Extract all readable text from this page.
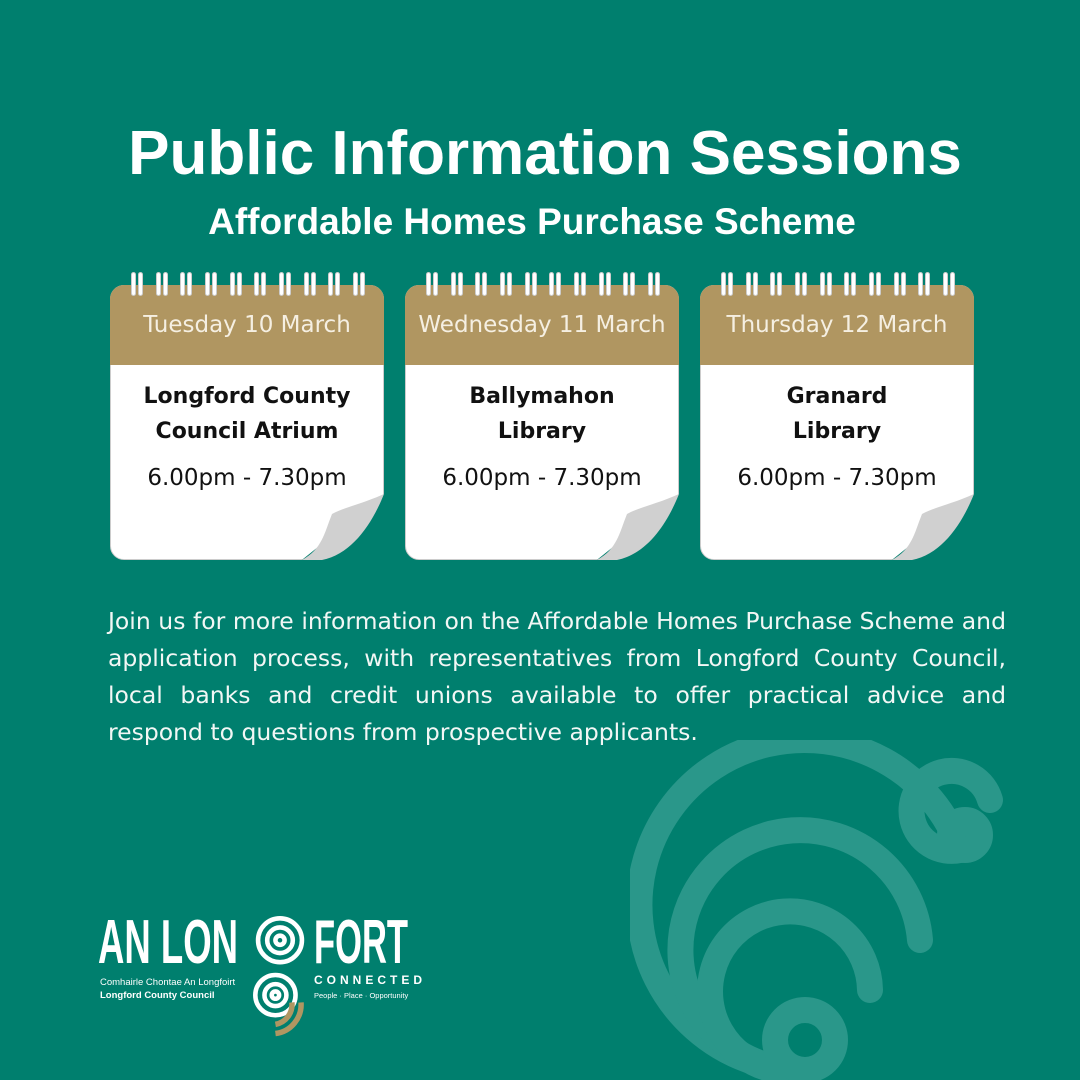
Public Information Sessions
Affordable Homes Purchase Scheme
Tuesday 10 March
Longford County
Council Atrium
6.00pm - 7.30pm
Wednesday 11 March
Ballymahon
Library
6.00pm - 7.30pm
Thursday 12 March
Granard
Library
6.00pm - 7.30pm
Join us for more information on the Affordable Homes Purchase Scheme and application process, with representatives from Longford County Council, local banks and credit unions available to offer practical advice and respond to questions from prospective applicants.
AN LON FORT
Comhairle Chontae An Longfoirt
Longford County Council
CONNECTED
People · Place · Opportunity
